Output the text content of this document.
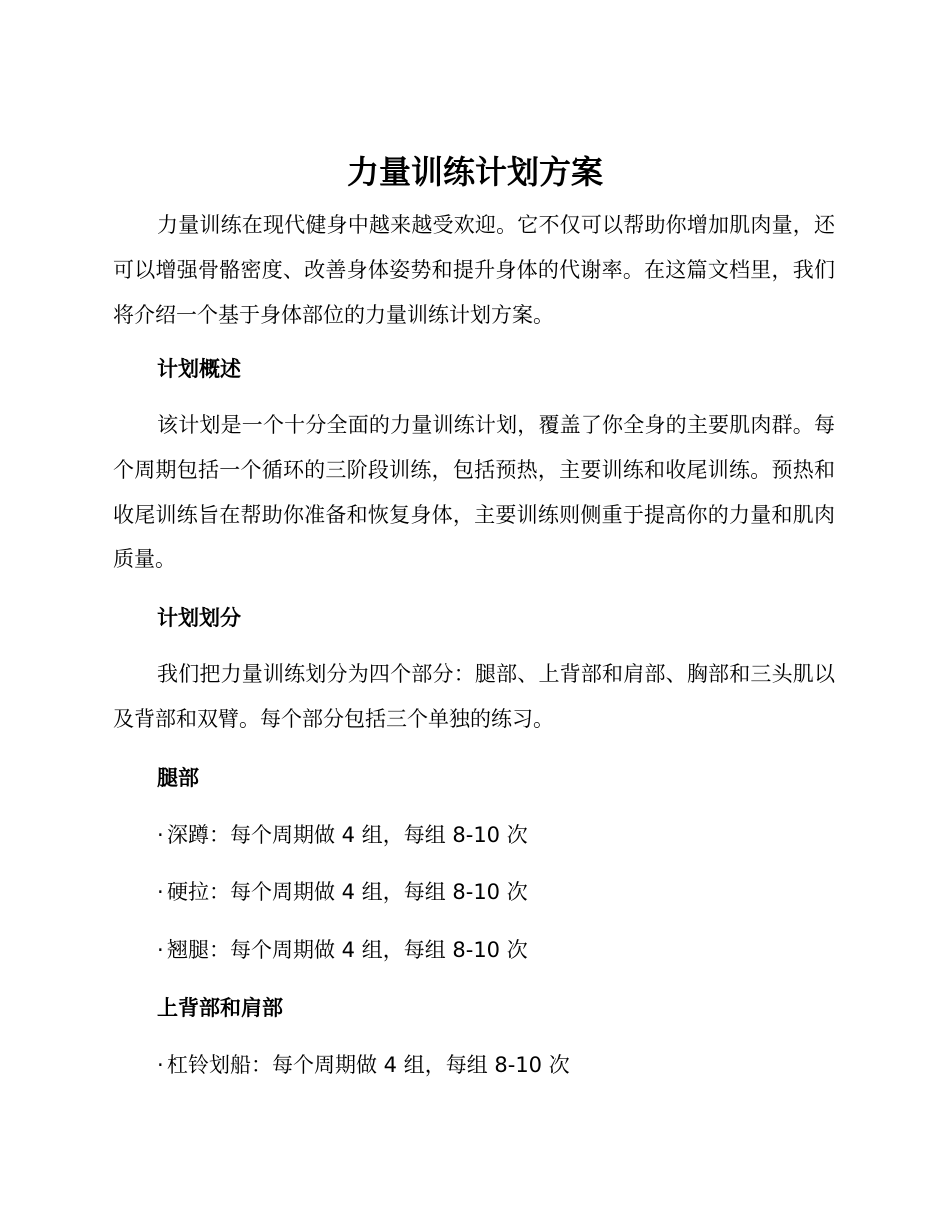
力量训练计划方案

力量训练在现代健身中越来越受欢迎。它不仅可以帮助你增加肌肉量，还可以增强骨骼密度、改善身体姿势和提升身体的代谢率。在这篇文档里，我们将介绍一个基于身体部位的力量训练计划方案。

计划概述

该计划是一个十分全面的力量训练计划，覆盖了你全身的主要肌肉群。每个周期包括一个循环的三阶段训练，包括预热，主要训练和收尾训练。预热和收尾训练旨在帮助你准备和恢复身体，主要训练则侧重于提高你的力量和肌肉质量。

计划划分

我们把力量训练划分为四个部分：腿部、上背部和肩部、胸部和三头肌以及背部和双臂。每个部分包括三个单独的练习。

腿部
· 深蹲：每个周期做 4 组，每组 8-10 次
· 硬拉：每个周期做 4 组，每组 8-10 次
· 翘腿：每个周期做 4 组，每组 8-10 次
上背部和肩部
· 杠铃划船：每个周期做 4 组，每组 8-10 次
